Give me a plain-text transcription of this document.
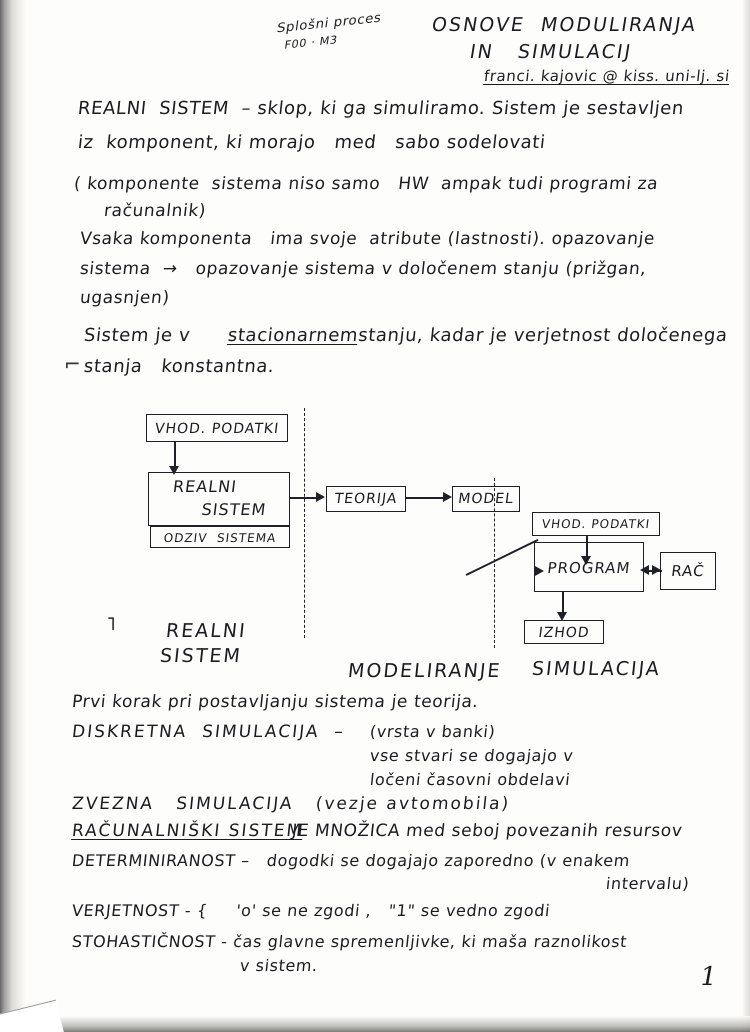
Splošni proces
F00 · M3
OSNOVE  MODULIRANJA
IN   SIMULACIJ
franci. kajovic @ kiss. uni-lj. si
REALNI  SISTEM  – sklop, ki ga simuliramo. Sistem je sestavljen
iz  komponent, ki morajo   med   sabo sodelovati
( komponente  sistema niso samo   HW  ampak tudi programi za
računalnik)
Vsaka komponenta   ima svoje  atribute (lastnosti). opazovanje
sistema  →   opazovanje sistema v določenem stanju (prižgan,
ugasnjen)
Sistem je v stacionarnem
stanju, kadar je verjetnost določenega
stanja   konstantna.
⌐
⌐
VHOD. PODATKI
REALNI
SISTEM
ODZIV  SISTEMA
TEORIJA	MODEL
VHOD. PODATKI
PROGRAM	RAČ
IZHOD
REALNI
SISTEM
MODELIRANJE SIMULACIJA
Prvi korak pri postavljanju sistema je teorija.
DISKRETNA  SIMULACIJA  – (vrsta v banki)
vse stvari se dogajajo v
ločeni časovni obdelavi
ZVEZNA   SIMULACIJA   (vezje avtomobila)
RAČUNALNIŠKI SISTEM
JE MNOŽICA med seboj povezanih resursov
DETERMINIRANOST –   dogodki se dogajajo zaporedno (v enakem
intervalu)
VERJETNOST - {     'o' se ne zgodi ,   "1" se vedno zgodi
STOHASTIČNOST - čas glavne spremenljivke, ki maša raznolikost
v sistem.	1
